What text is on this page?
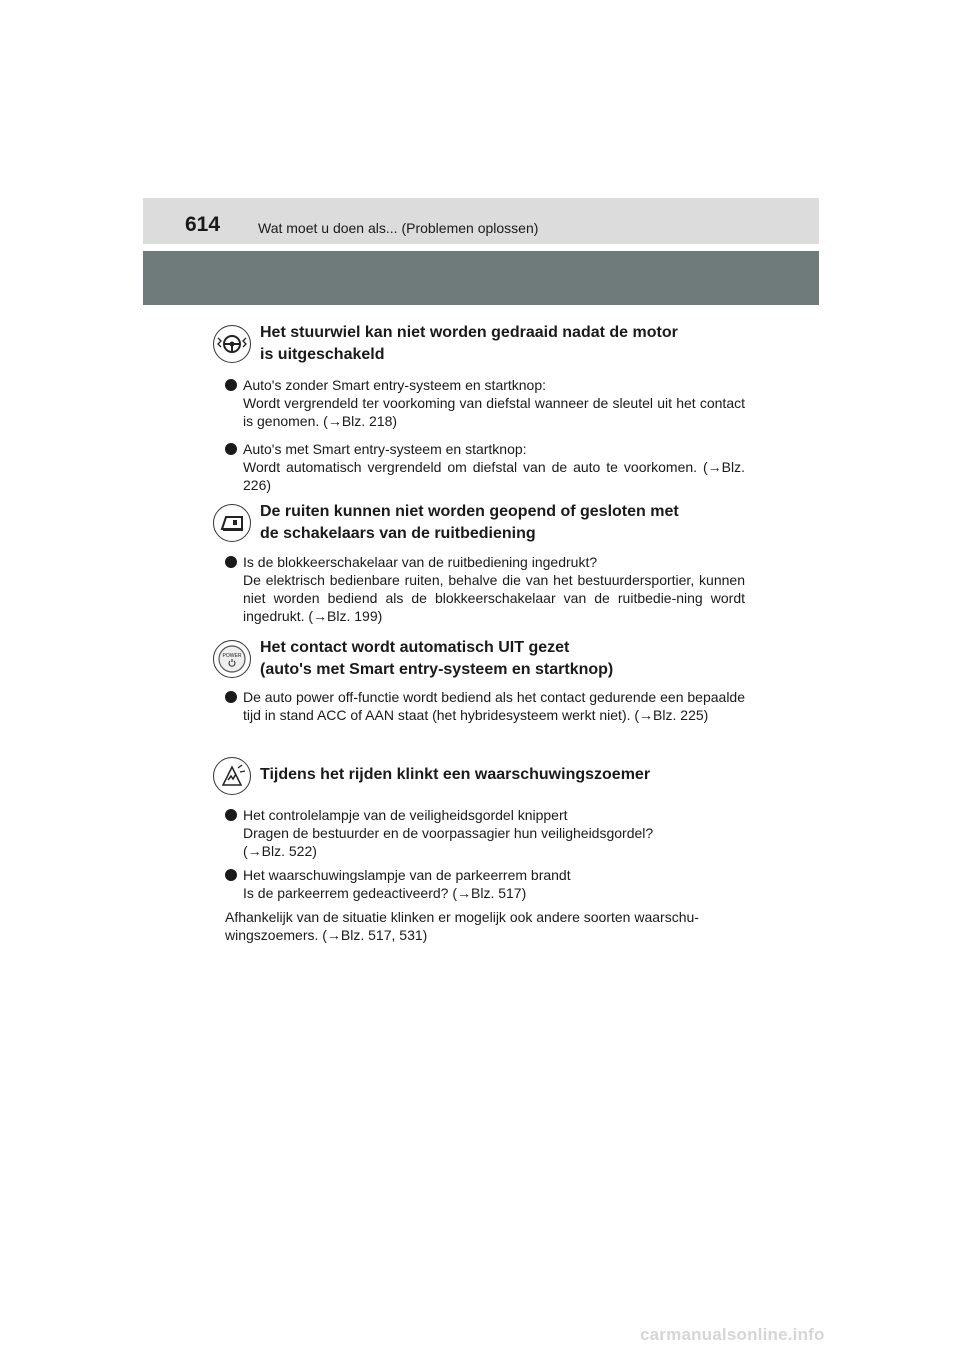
614	Wat moet u doen als... (Problemen oplossen)
Het stuurwiel kan niet worden gedraaid nadat de motor
is uitgeschakeld
Auto's zonder Smart entry-systeem en startknop:
Wordt vergrendeld ter voorkoming van diefstal wanneer de sleutel uit het contact is genomen. (→Blz. 218)
Auto's met Smart entry-systeem en startknop:
Wordt automatisch vergrendeld om diefstal van de auto te voorkomen. (→Blz. 226)
De ruiten kunnen niet worden geopend of gesloten met
de schakelaars van de ruitbediening
Is de blokkeerschakelaar van de ruitbediening ingedrukt?
De elektrisch bedienbare ruiten, behalve die van het bestuurdersportier, kunnen niet worden bediend als de blokkeerschakelaar van de ruitbedie-ning wordt ingedrukt. (→Blz. 199)
POWER Het contact wordt automatisch UIT gezet
(auto's met Smart entry-systeem en startknop)
De auto power off-functie wordt bediend als het contact gedurende een bepaalde tijd in stand ACC of AAN staat (het hybridesysteem werkt niet). (→Blz. 225)
Tijdens het rijden klinkt een waarschuwingszoemer
Het controlelampje van de veiligheidsgordel knippert
Dragen de bestuurder en de voorpassagier hun veiligheidsgordel?
(→Blz. 522)
Het waarschuwingslampje van de parkeerrem brandt
Is de parkeerrem gedeactiveerd? (→Blz. 517)
Afhankelijk van de situatie klinken er mogelijk ook andere soorten waarschu-
wingszoemers. (→Blz. 517, 531)
carmanualsonline.info
